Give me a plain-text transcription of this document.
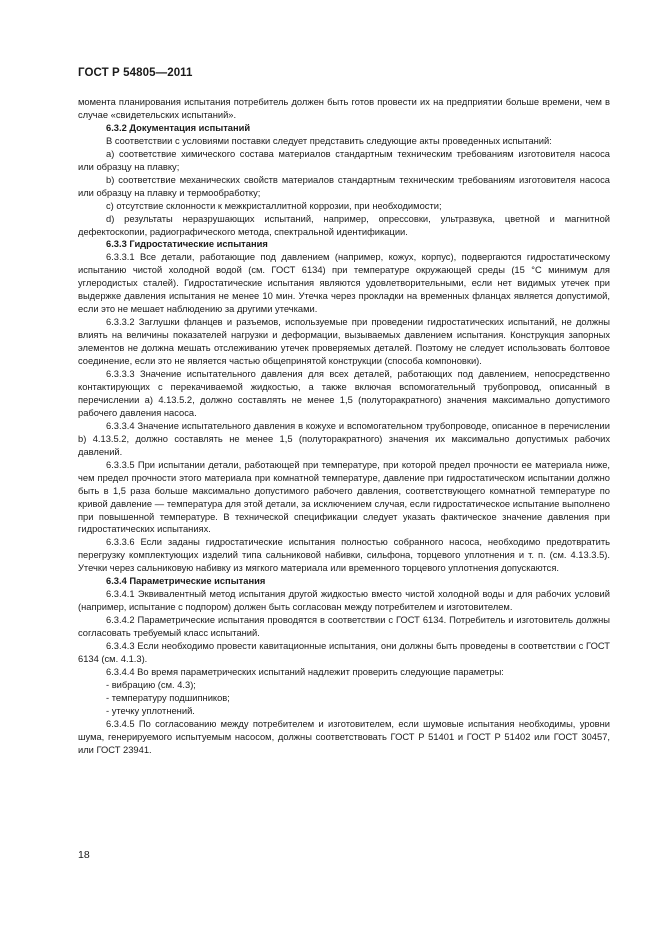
ГОСТ Р 54805—2011

момента планирования испытания потребитель должен быть готов провести их на предприятии больше времени, чем в случае «свидетельских испытаний».

6.3.2 Документация испытаний

В соответствии с условиями поставки следует представить следующие акты проведенных испытаний:

a) соответствие химического состава материалов стандартным техническим требованиям изготовителя насоса или образцу на плавку;

b) соответствие механических свойств материалов стандартным техническим требованиям изготовителя насоса или образцу на плавку и термообработку;

c) отсутствие склонности к межкристаллитной коррозии, при необходимости;

d) результаты неразрушающих испытаний, например, опрессовки, ультразвука, цветной и магнитной дефектоскопии, радиографического метода, спектральной идентификации.

6.3.3 Гидростатические испытания

6.3.3.1 Все детали, работающие под давлением (например, кожух, корпус), подвергаются гидростатическому испытанию чистой холодной водой (см. ГОСТ 6134) при температуре окружающей среды (15 °С минимум для углеродистых сталей). Гидростатические испытания являются удовлетворительными, если нет видимых утечек при выдержке давления испытания не менее 10 мин. Утечка через прокладки на временных фланцах является допустимой, если это не мешает наблюдению за другими утечками.

6.3.3.2 Заглушки фланцев и разъемов, используемые при проведении гидростатических испытаний, не должны влиять на величины показателей нагрузки и деформации, вызываемых давлением испытания. Конструкция запорных элементов не должна мешать отслеживанию утечек проверяемых деталей. Поэтому не следует использовать болтовое соединение, если это не является частью общепринятой конструкции (способа компоновки).

6.3.3.3 Значение испытательного давления для всех деталей, работающих под давлением, непосредственно контактирующих с перекачиваемой жидкостью, а также включая вспомогательный трубопровод, описанный в перечислении а) 4.13.5.2, должно составлять не менее 1,5 (полуторакратного) значения максимально допустимого рабочего давления насоса.

6.3.3.4 Значение испытательного давления в кожухе и вспомогательном трубопроводе, описанное в перечислении b) 4.13.5.2, должно составлять не менее 1,5 (полуторакратного) значения их максимально допустимых рабочих давлений.

6.3.3.5 При испытании детали, работающей при температуре, при которой предел прочности ее материала ниже, чем предел прочности этого материала при комнатной температуре, давление при гидростатическом испытании должно быть в 1,5 раза больше максимально допустимого рабочего давления, соответствующего комнатной температуре по кривой давление — температура для этой детали, за исключением случая, если гидростатическое испытание выполнено при повышенной температуре. В технической спецификации следует указать фактическое значение давления при гидростатических испытаниях.

6.3.3.6 Если заданы гидростатические испытания полностью собранного насоса, необходимо предотвратить перегрузку комплектующих изделий типа сальниковой набивки, сильфона, торцевого уплотнения и т. п. (см. 4.13.3.5). Утечки через сальниковую набивку из мягкого материала или временного торцевого уплотнения допускаются.

6.3.4 Параметрические испытания

6.3.4.1 Эквивалентный метод испытания другой жидкостью вместо чистой холодной воды и для рабочих условий (например, испытание с подпором) должен быть согласован между потребителем и изготовителем.

6.3.4.2 Параметрические испытания проводятся в соответствии с ГОСТ 6134. Потребитель и изготовитель должны согласовать требуемый класс испытаний.

6.3.4.3 Если необходимо провести кавитационные испытания, они должны быть проведены в соответствии с ГОСТ 6134 (см. 4.1.3).

6.3.4.4 Во время параметрических испытаний надлежит проверить следующие параметры:

- вибрацию (см. 4.3);

- температуру подшипников;

- утечку уплотнений.

6.3.4.5 По согласованию между потребителем и изготовителем, если шумовые испытания необходимы, уровни шума, генерируемого испытуемым насосом, должны соответствовать ГОСТ Р 51401 и ГОСТ Р 51402 или ГОСТ 30457, или ГОСТ 23941.

18
